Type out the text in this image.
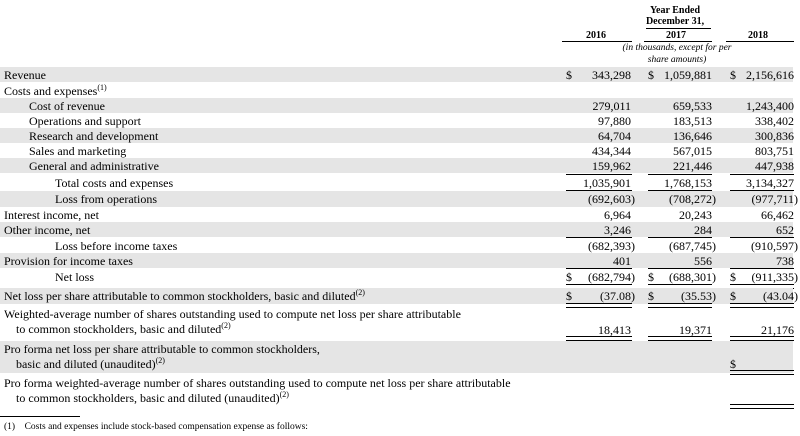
Year Ended
December 31,
2016	2017	2018
(in thousands, except for per
share amounts)
Revenue	$	343,298 $ 1,059,881 $ 2,156,616
Costs and expenses$^{(1)}$
Cost of revenue	279,011	659,533	1,243,400
Operations and support	97,880	183,513	338,402
Research and development	64,704	136,646	300,836
Sales and marketing	434,344	567,015	803,751
General and administrative	159,962	221,446	447,938
Total costs and expenses	1,035,901	1,768,153	3,134,327
Loss from operations	(692,603)	(708,272)	(977,711)
Interest income, net	6,964	20,243	66,462
Other income, net	3,246	284	652
Loss before income taxes	(682,393)	(687,745)	(910,597)
Provision for income taxes	401	556	738
Net loss	$	(682,794) $	(688,301) $	(911,335)
Net loss per share attributable to common stockholders, basic and diluted$^{(2)}$	$	(37.08) $	(35.53) $	(43.04)
Weighted-average number of shares outstanding used to compute net loss per share attributable
to common stockholders, basic and diluted$^{(2)}$	18,413	19,371	21,176
Pro forma net loss per share attributable to common stockholders,
basic and diluted (unaudited)$^{(2)}$	$
Pro forma weighted-average number of shares outstanding used to compute net loss per share attributable
to common stockholders, basic and diluted (unaudited)$^{(2)}$
(1) Costs and expenses include stock-based compensation expense as follows:
